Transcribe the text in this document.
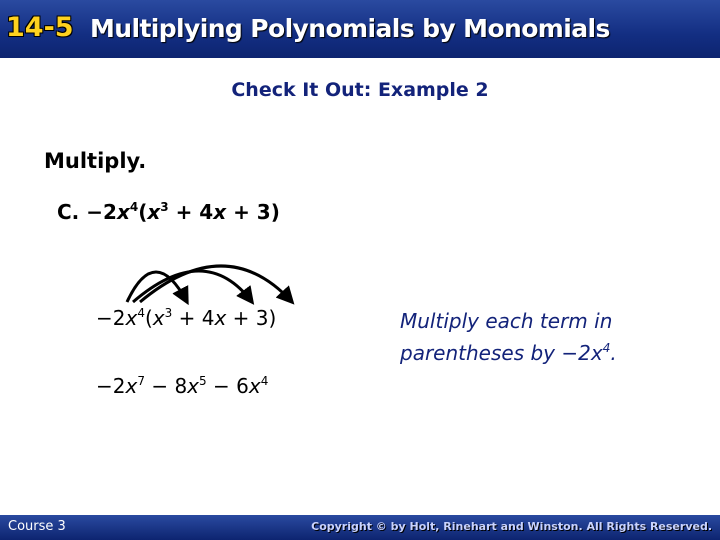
14-5 Multiplying Polynomials by Monomials
Check It Out: Example 2
Multiply.
C. $-2x^4(x^3 + 4x + 3)$
$-2x^4(x^3 + 4x + 3)$
$-2x^7 - 8x^5 - 6x^4$
Multiply each term in
parentheses by $-2x^4$.
Course 3	Copyright © by Holt, Rinehart and Winston. All Rights Reserved.
